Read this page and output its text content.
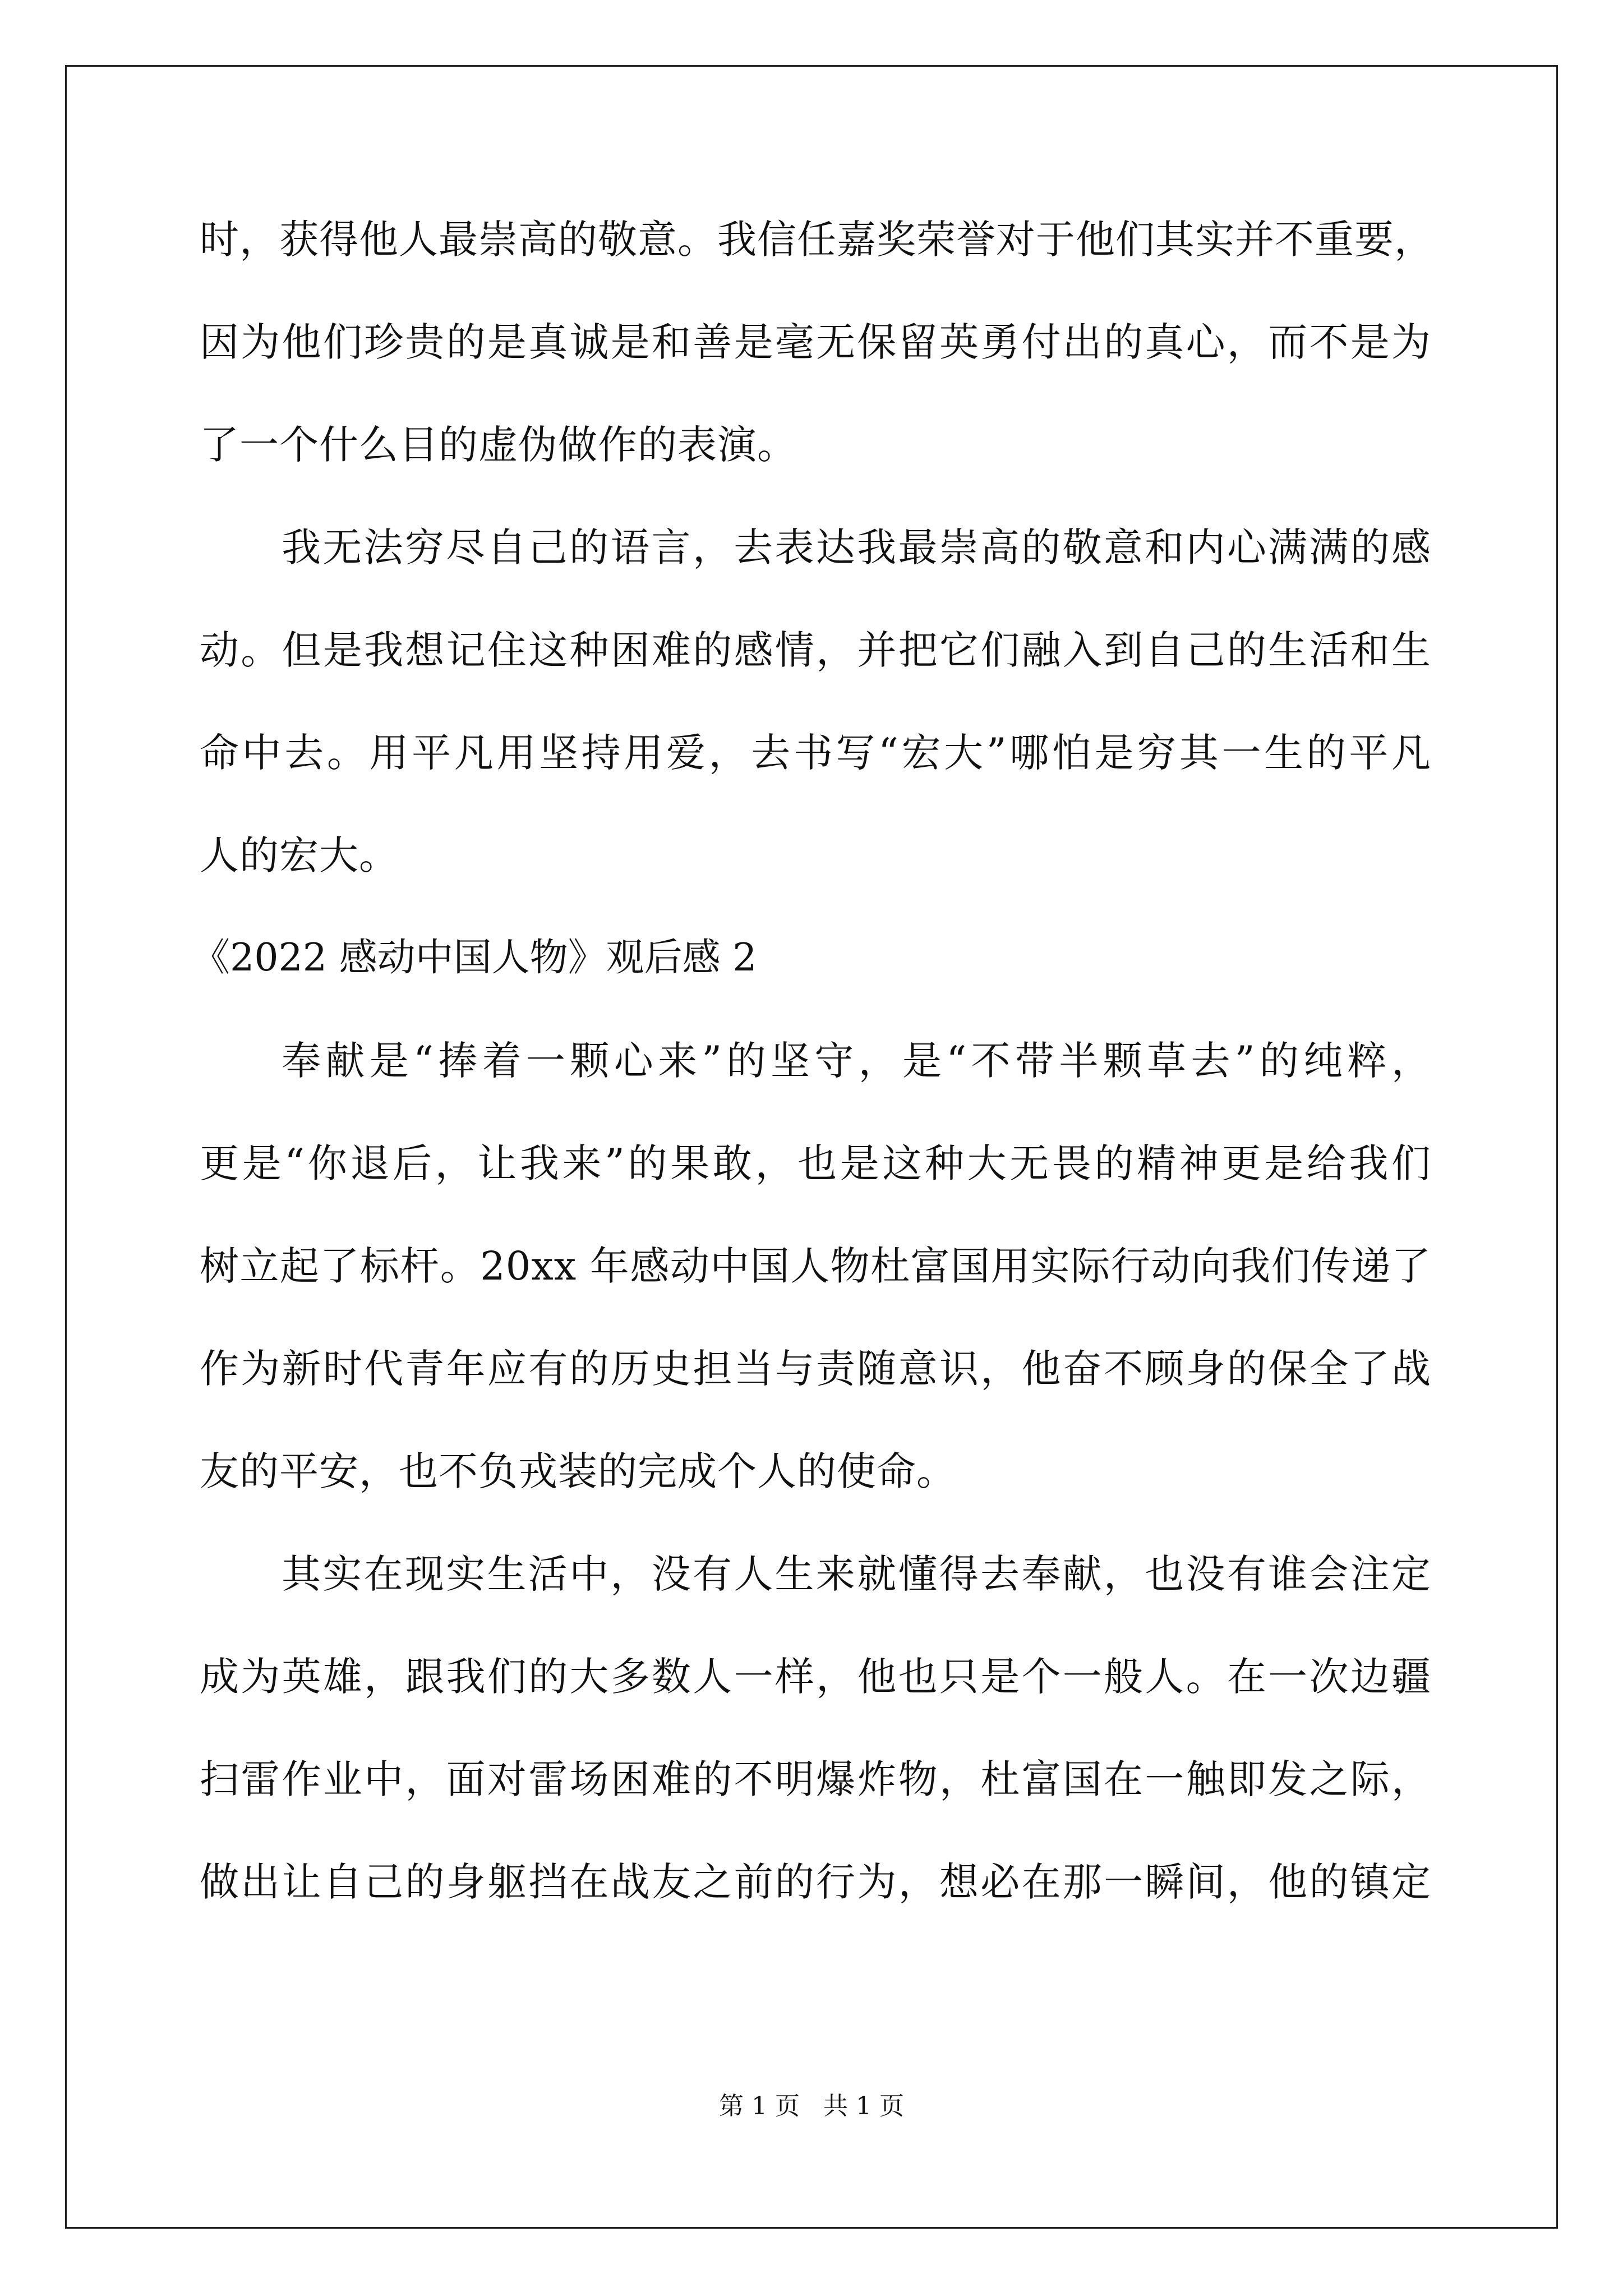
时，获得他人最崇高的敬意。我信任嘉奖荣誉对于他们其实并不重要，
因为他们珍贵的是真诚是和善是毫无保留英勇付出的真心，而不是为
了一个什么目的虚伪做作的表演。
我无法穷尽自己的语言，去表达我最崇高的敬意和内心满满的感
动。但是我想记住这种困难的感情，并把它们融入到自己的生活和生
命中去。用平凡用坚持用爱，去书写“宏大”哪怕是穷其一生的平凡
人的宏大。
《2022 感动中国人物》观后感 2
奉献是“捧着一颗心来”的坚守，是“不带半颗草去”的纯粹，
更是“你退后，让我来”的果敢，也是这种大无畏的精神更是给我们
树立起了标杆。20xx 年感动中国人物杜富国用实际行动向我们传递了
作为新时代青年应有的历史担当与责随意识，他奋不顾身的保全了战
友的平安，也不负戎装的完成个人的使命。
其实在现实生活中，没有人生来就懂得去奉献，也没有谁会注定
成为英雄，跟我们的大多数人一样，他也只是个一般人。在一次边疆
扫雷作业中，面对雷场困难的不明爆炸物，杜富国在一触即发之际，
做出让自己的身躯挡在战友之前的行为，想必在那一瞬间，他的镇定
第 1 页   共 1 页
